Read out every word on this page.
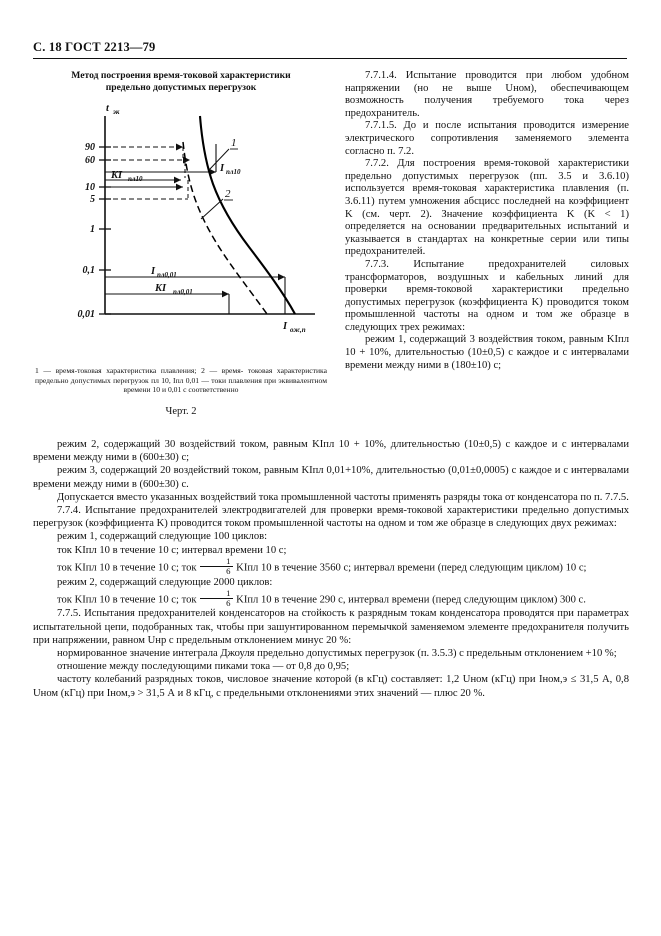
С. 18 ГОСТ 2213—79
Метод построения время-токовой характеристики
предельно допустимых перегрузок
90
60
10
5
1
0,1
0,01
t эк
I ож,п
1
2
I пл10
KI пл10
I пл0,01
KI пл0,01
1 — время-токовая характеристика плавления; 2 — время- токовая характеристика предельно допустимых перегрузок пл 10, Iпл 0,01 — токи плавления при эквивалентном времени 10 и 0,01 с соответственно
Черт. 2

7.7.1.4. Испытание проводится при любом удобном напряжении (но не выше Uном), обеспечивающем возможность получения требуемого тока через предохранитель.

7.7.1.5. До и после испытания проводится измерение электрического сопротивления заменяемого элемента согласно п. 7.2.

7.7.2. Для построения время-токовой характеристики предельно допустимых перегрузок (пп. 3.5 и 3.6.10) используется время-токовая характеристика плавления (п. 3.6.11) путем умножения абсцисс последней на коэффициент K (см. черт. 2). Значение коэффициента K (K < 1) определяется на основании предварительных испытаний и указывается в стандартах на конкретные серии или типы предохранителей.

7.7.3. Испытание предохранителей силовых трансформаторов, воздушных и кабельных линий для проверки время-токовой характеристики предельно допустимых перегрузок (коэффициента K) проводится током промышленной частоты на одном и том же образце в следующих трех режимах:

режим 1, содержащий 3 воздействия током, равным KIпл 10 + 10%, длительностью (10±0,5) с каждое и с интервалами времени между ними в (180±10) с;

режим 2, содержащий 30 воздействий током, равным KIпл 10 + 10%, длительностью (10±0,5) с каждое и с интервалами времени между ними в (600±30) с;

режим 3, содержащий 20 воздействий током, равным KIпл 0,01+10%, длительностью (0,01±0,0005) с каждое и с интервалами времени между ними в (600±30) с.

Допускается вместо указанных воздействий тока промышленной частоты применять разряды тока от конденсатора по п. 7.7.5.

7.7.4. Испытание предохранителей электродвигателей для проверки время-токовой характеристики предельно допустимых перегрузок (коэффициента K) проводится током промышленной частоты на одном и том же образце в следующих двух режимах:

режим 1, содержащий следующие 100 циклов:

ток KIпл 10 в течение 10 с; интервал времени 10 с;

ток KIпл 10 в течение 10 с; ток $\frac{1}{6}$ KIпл 10 в течение 3560 с; интервал времени (перед следующим циклом) 10 с;

режим 2, содержащий следующие 2000 циклов:

ток KIпл 10 в течение 10 с; ток $\frac{1}{6}$ KIпл 10 в течение 290 с, интервал времени (перед следующим циклом) 300 с.

7.7.5. Испытания предохранителей конденсаторов на стойкость к разрядным токам конденсатора проводятся при параметрах испытательной цепи, подобранных так, чтобы при зашунтированном перемычкой заменяемом элементе предохранителя получить при напряжении, равном Uнр с предельным отклонением минус 20 %:

нормированное значение интеграла Джоуля предельно допустимых перегрузок (п. 3.5.3) с предельным отклонением +10 %;

отношение между последующими пиками тока — от 0,8 до 0,95;

частоту колебаний разрядных токов, числовое значение которой (в кГц) составляет: 1,2 Uном (кГц) при Iном,э ≤ 31,5 А, 0,8 Uном (кГц) при Iном,э > 31,5 А и 8 кГц, с предельными отклонениями этих значений — плюс 20 %.
